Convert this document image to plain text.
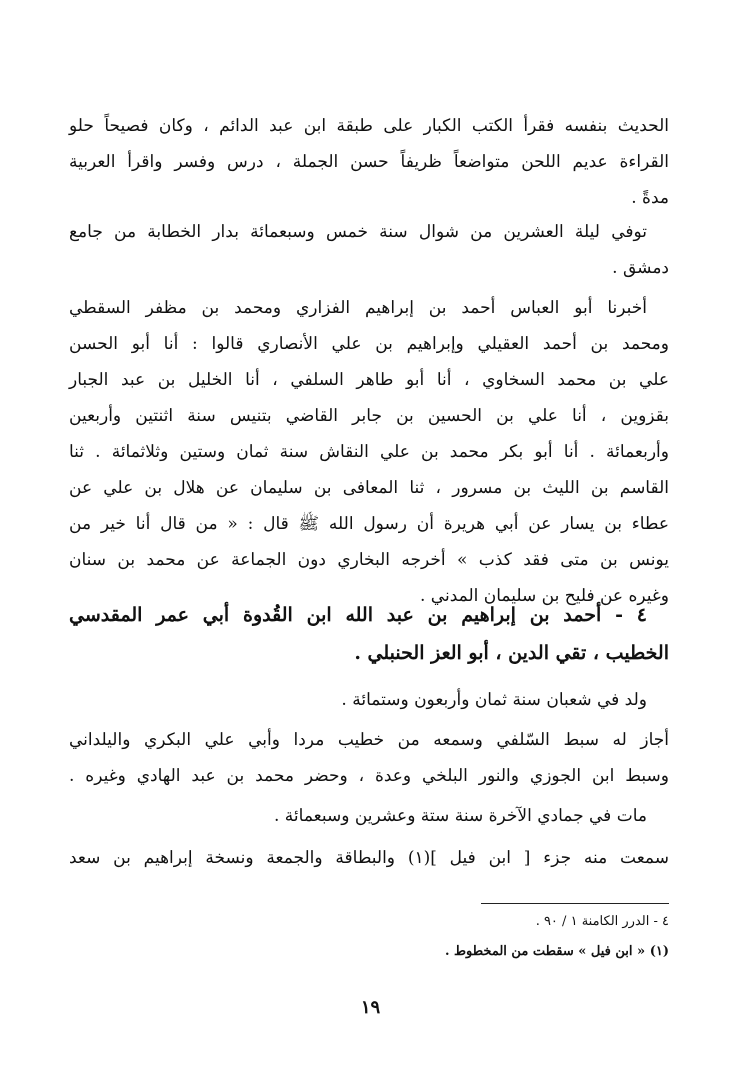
الحديث بنفسه فقرأ الكتب الكبار على طبقة ابن عبد الدائم ، وكان فصيحاً حلو
القراءة عديم اللحن متواضعاً ظريفاً حسن الجملة ، درس وفسر واقرأ العربية
مدةً .
توفي ليلة العشرين من شوال سنة خمس وسبعمائة بدار الخطابة من جامع
دمشق .
أخبرنا أبو العباس أحمد بن إبراهيم الفزاري ومحمد بن مظفر السقطي
ومحمد بن أحمد العقيلي وإبراهيم بن علي الأنصاري قالوا : أنا أبو الحسن
علي بن محمد السخاوي ، أنا أبو طاهر السلفي ، أنا الخليل بن عبد الجبار
بقزوين ، أنا علي بن الحسين بن جابر القاضي بتنيس سنة اثنتين وأربعين
وأربعمائة . أنا أبو بكر محمد بن علي النقاش سنة ثمان وستين وثلاثمائة . ثنا
القاسم بن الليث بن مسرور ، ثنا المعافى بن سليمان عن هلال بن علي عن
عطاء بن يسار عن أبي هريرة أن رسول الله ﷺ قال : « من قال أنا خير من
يونس بن متى فقد كذب » أخرجه البخاري دون الجماعة عن محمد بن سنان
وغيره عن فليح بن سليمان المدني .
٤ - أحمد بن إبراهيم بن عبد الله ابن القُدوة أبي عمر المقدسي
الخطيب ، تقي الدين ، أبو العز الحنبلي .
ولد في شعبان سنة ثمان وأربعون وستمائة .
أجاز له سبط السّلفي وسمعه من خطيب مردا وأبي علي البكري واليلداني
وسبط ابن الجوزي والنور البلخي وعدة ، وحضر محمد بن عبد الهادي وغيره .
مات في جمادي الآخرة سنة ستة وعشرين وسبعمائة .
سمعت منه جزء [ ابن فيل ](١) والبطاقة والجمعة ونسخة إبراهيم بن سعد
٤ - الدرر الكامنة ١ / ٩٠ .
(١) « ابن فيل » سقطت من المخطوط .
١٩
